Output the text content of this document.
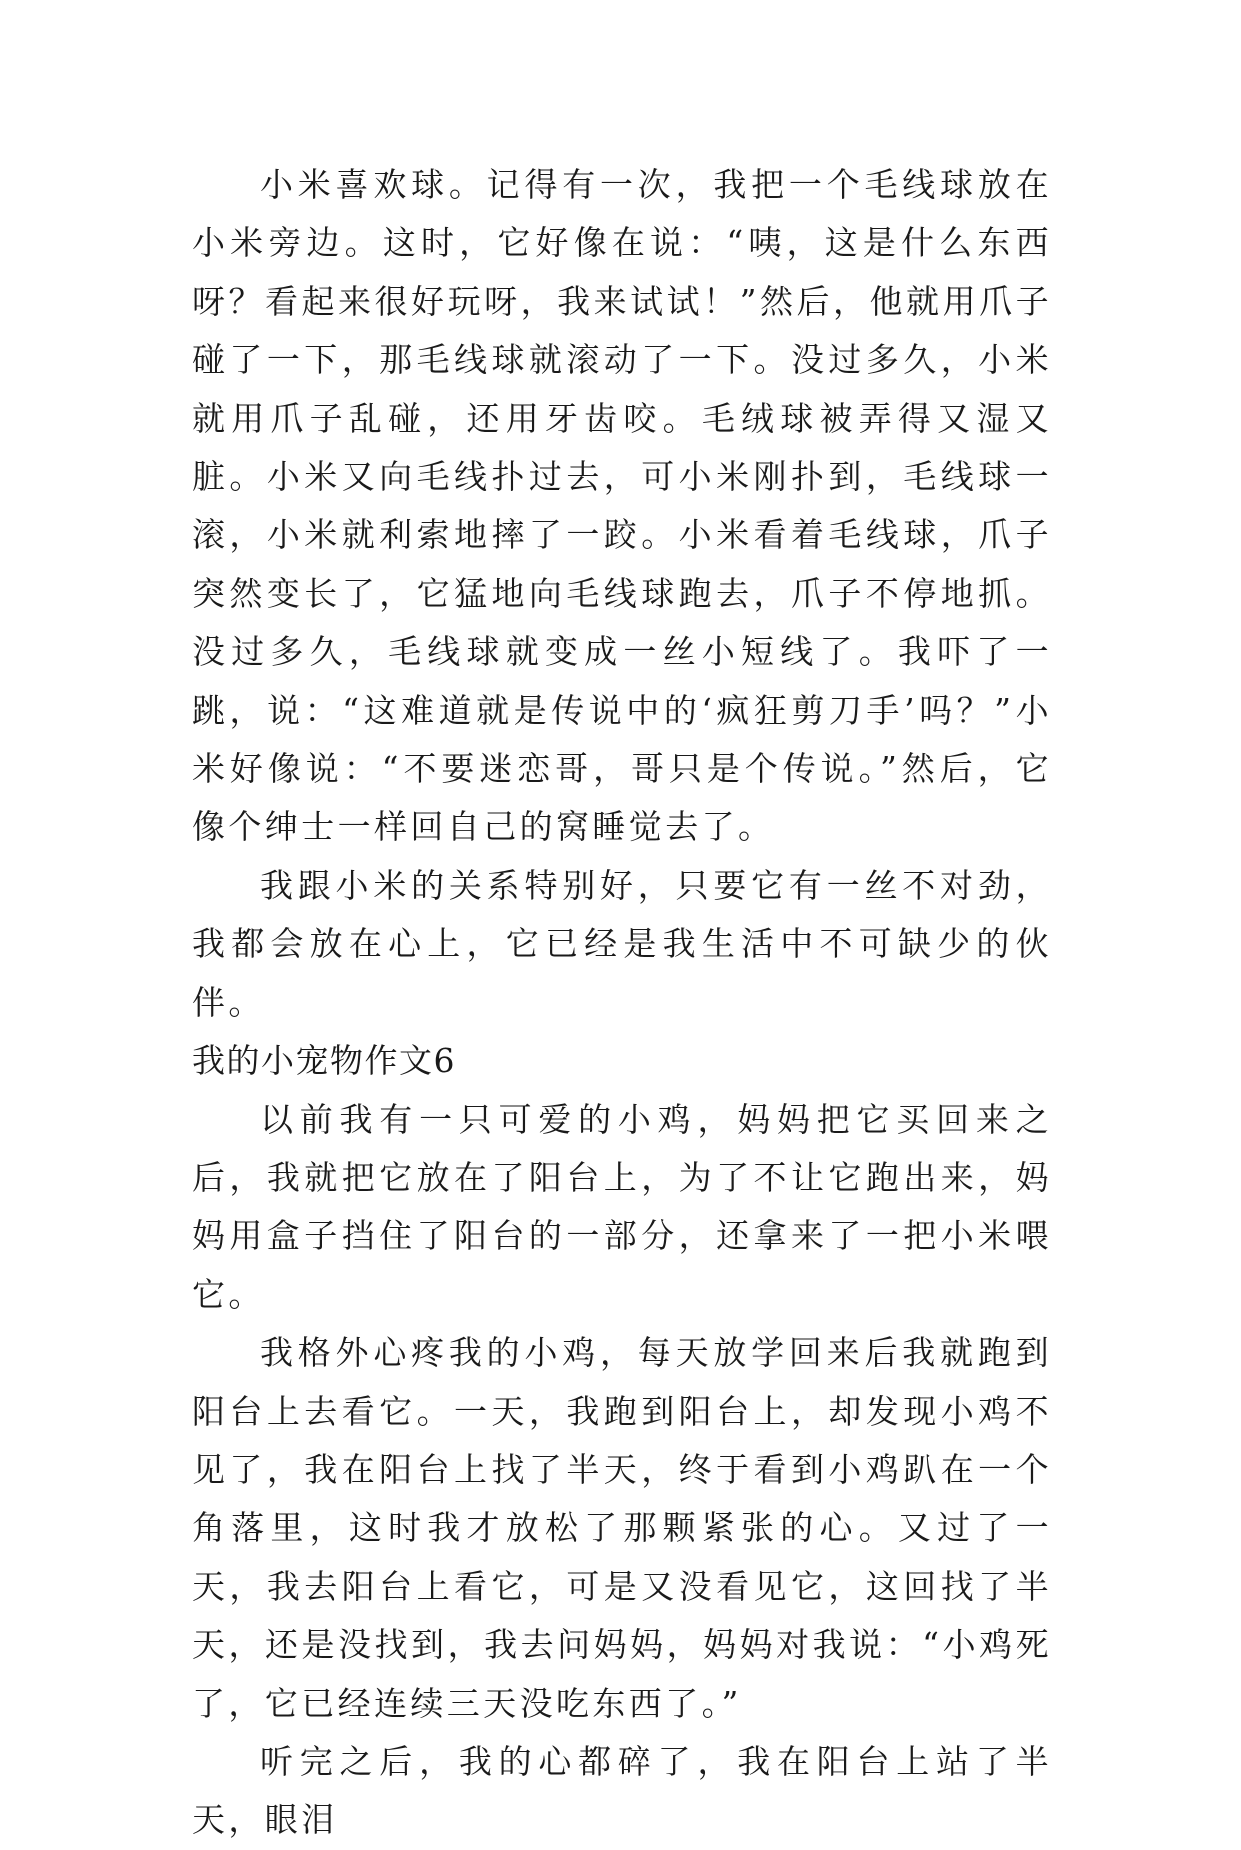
小米喜欢球。记得有一次，我把一个毛线球放在小米旁边。这时，它好像在说：“咦，这是什么东西呀？看起来很好玩呀，我来试试！”然后，他就用爪子碰了一下，那毛线球就滚动了一下。没过多久，小米就用爪子乱碰，还用牙齿咬。毛绒球被弄得又湿又脏。小米又向毛线扑过去，可小米刚扑到，毛线球一滚，小米就利索地摔了一跤。小米看着毛线球，爪子突然变长了，它猛地向毛线球跑去，爪子不停地抓。没过多久，毛线球就变成一丝小短线了。我吓了一跳，说：“这难道就是传说中的‘疯狂剪刀手’吗？”小米好像说：“不要迷恋哥，哥只是个传说。”然后，它像个绅士一样回自己的窝睡觉去了。

我跟小米的关系特别好，只要它有一丝不对劲，我都会放在心上，它已经是我生活中不可缺少的伙伴。

我的小宠物作文6

以前我有一只可爱的小鸡，妈妈把它买回来之后，我就把它放在了阳台上，为了不让它跑出来，妈妈用盒子挡住了阳台的一部分，还拿来了一把小米喂它。

我格外心疼我的小鸡，每天放学回来后我就跑到阳台上去看它。一天，我跑到阳台上，却发现小鸡不见了，我在阳台上找了半天，终于看到小鸡趴在一个角落里，这时我才放松了那颗紧张的心。又过了一天，我去阳台上看它，可是又没看见它，这回找了半天，还是没找到，我去问妈妈，妈妈对我说：“小鸡死了，它已经连续三天没吃东西了。”

听完之后，我的心都碎了，我在阳台上站了半天，眼泪
